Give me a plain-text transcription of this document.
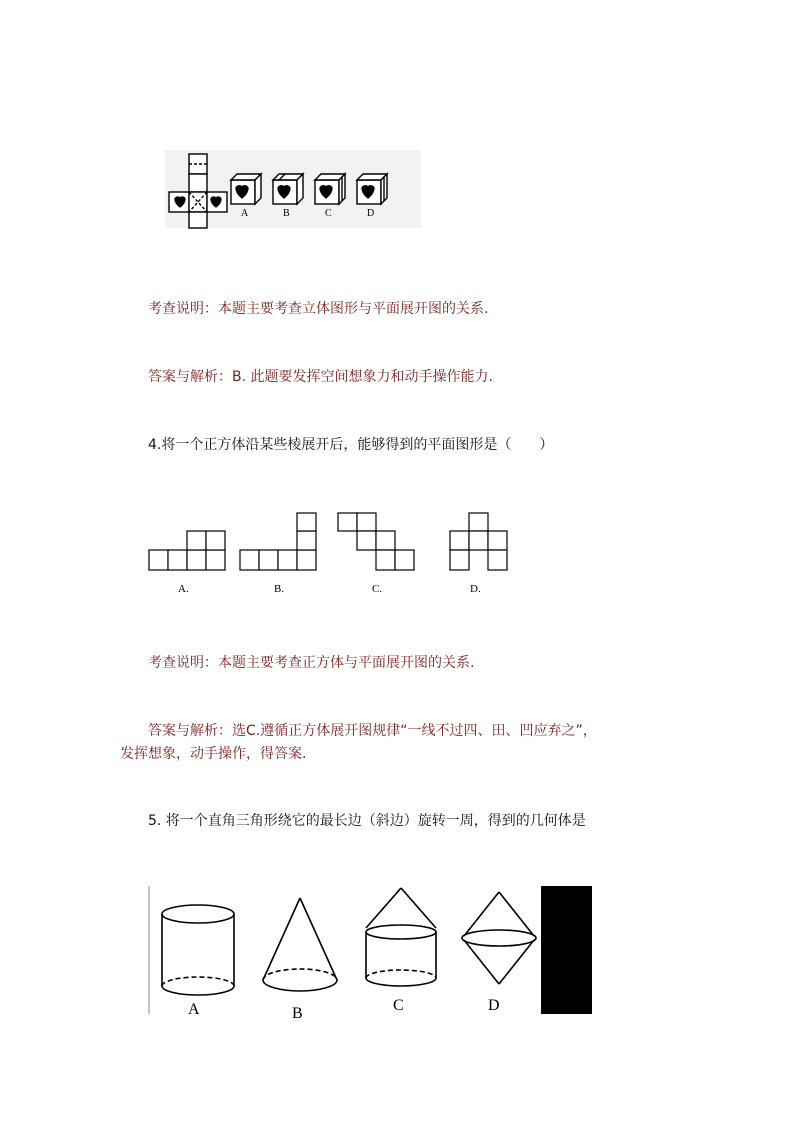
A	B	C	D
考查说明：本题主要考查立体图形与平面展开图的关系.
答案与解析：B. 此题要发挥空间想象力和动手操作能力.
4.将一个正方体沿某些棱展开后，能够得到的平面图形是（　　）
A.	B.	C.	D.
考查说明：本题主要考查正方体与平面展开图的关系.
答案与解析：选C.遵循正方体展开图规律“一线不过四、田、凹应弃之”，
发挥想象，动手操作，得答案.
5. 将一个直角三角形绕它的最长边（斜边）旋转一周，得到的几何体是
A	B	C	D
